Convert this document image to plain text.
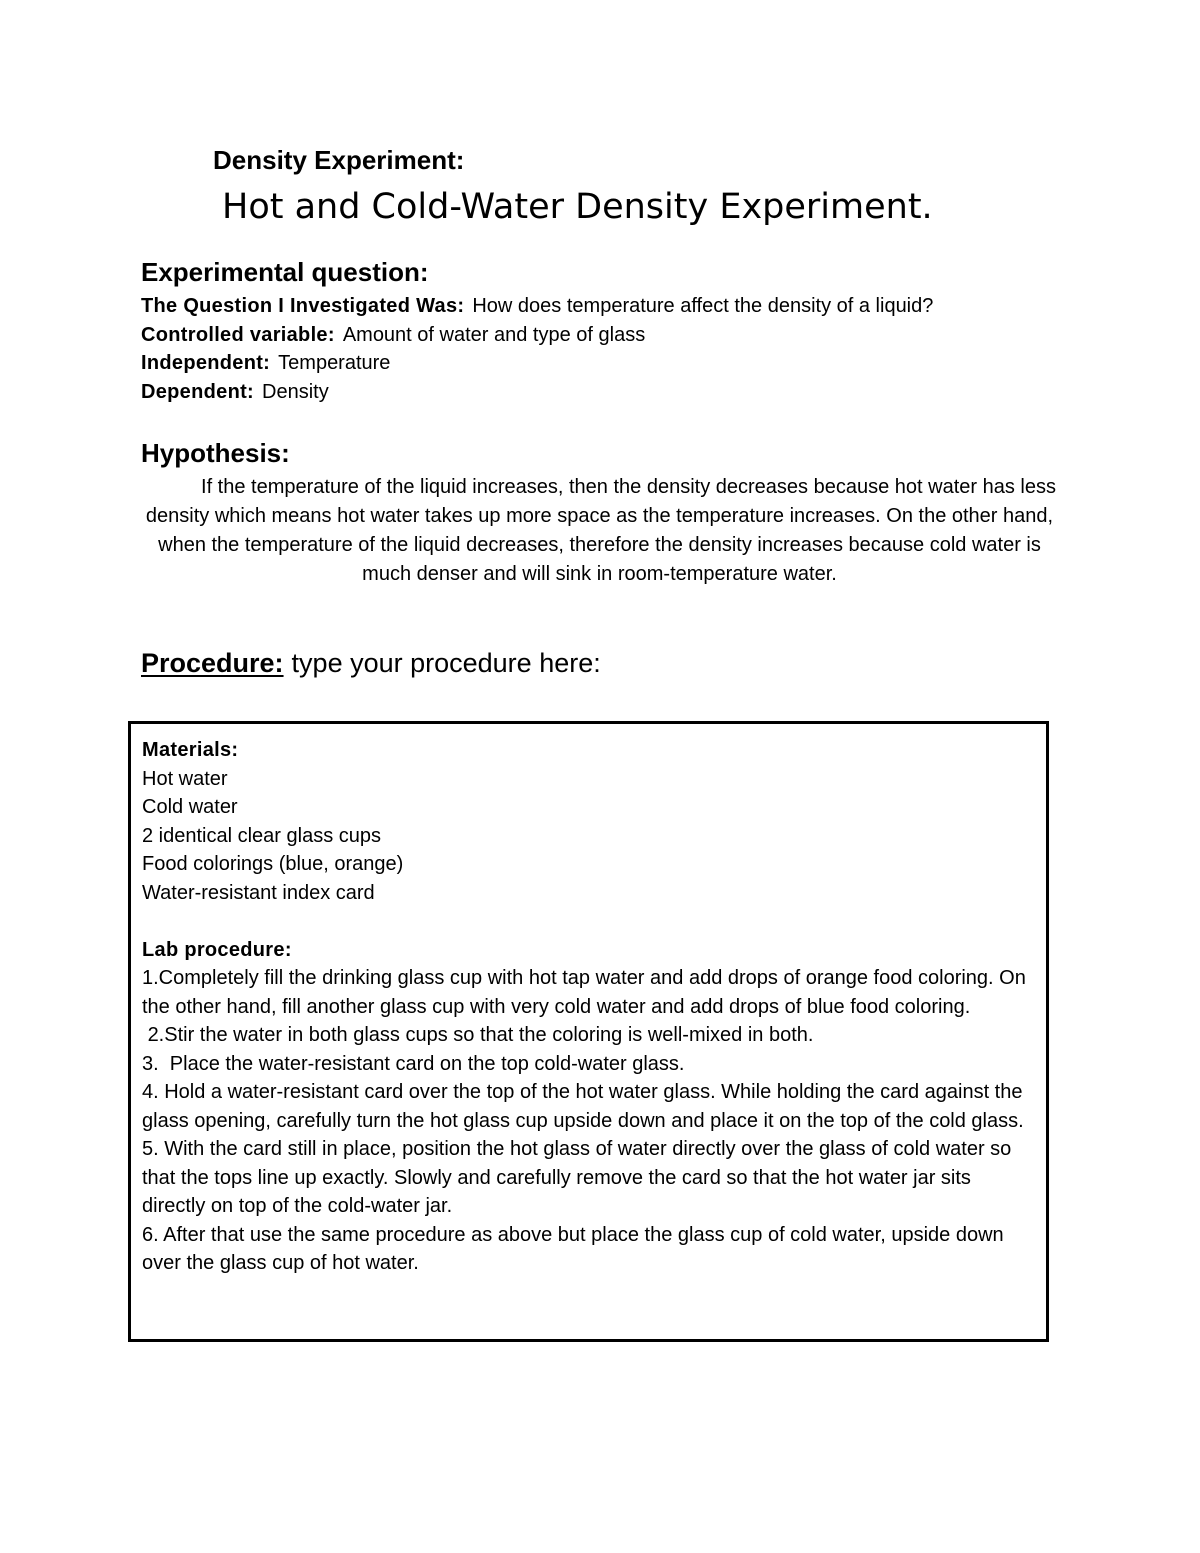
Density Experiment:
Hot and Cold-Water Density Experiment.
Experimental question:
The Question I Investigated Was: How does temperature affect the density of a liquid?
Controlled variable: Amount of water and type of glass
Independent: Temperature
Dependent: Density
Hypothesis:

If the temperature of the liquid increases, then the density decreases because hot water has less density which means hot water takes up more space as the temperature increases. On the other hand, when the temperature of the liquid decreases, therefore the density increases because cold water is much denser and will sink in room-temperature water.

Procedure: type your procedure here:
Materials:
Hot water
Cold water
2 identical clear glass cups
Food colorings (blue, orange)
Water-resistant index card
Lab procedure:

1.Completely fill the drinking glass cup with hot tap water and add drops of orange food coloring. On the other hand, fill another glass cup with very cold water and add drops of blue food coloring.

2.Stir the water in both glass cups so that the coloring is well-mixed in both.

3.  Place the water-resistant card on the top cold-water glass.

4. Hold a water-resistant card over the top of the hot water glass. While holding the card against the glass opening, carefully turn the hot glass cup upside down and place it on the top of the cold glass.

5. With the card still in place, position the hot glass of water directly over the glass of cold water so that the tops line up exactly. Slowly and carefully remove the card so that the hot water jar sits directly on top of the cold-water jar.

6. After that use the same procedure as above but place the glass cup of cold water, upside down over the glass cup of hot water.
